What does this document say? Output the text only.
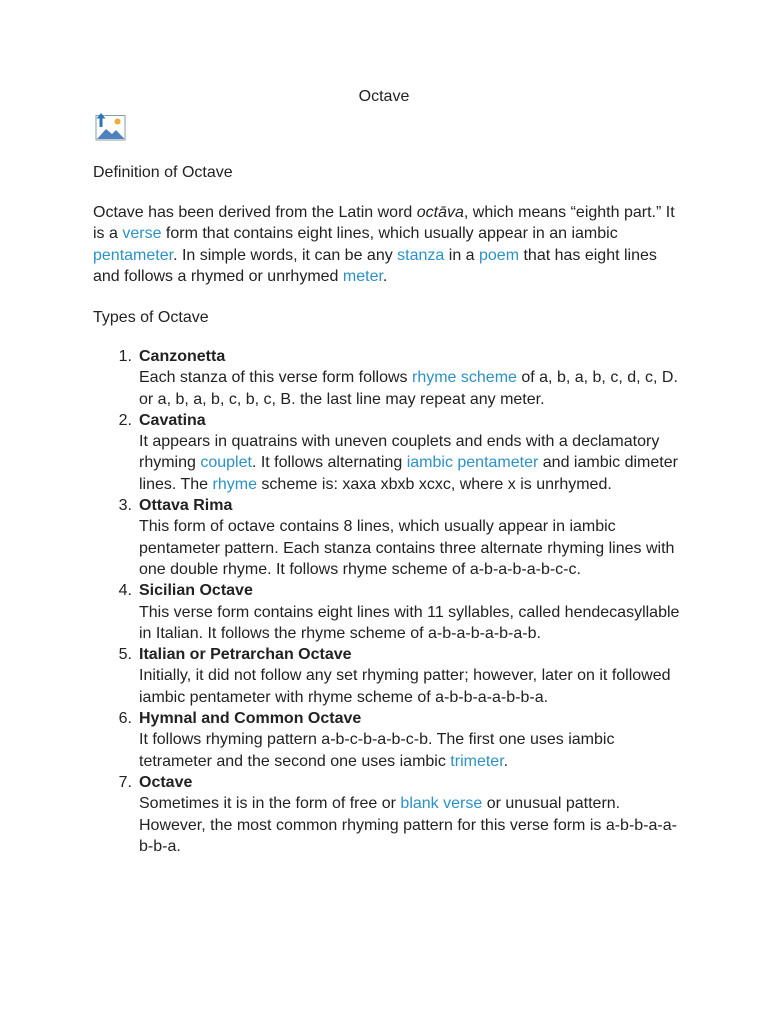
Octave
Definition of Octave
Octave has been derived from the Latin word octāva, which means “eighth part.” It is a verse form that contains eight lines, which usually appear in an iambic pentameter. In simple words, it can be any stanza in a poem that has eight lines and follows a rhymed or unrhymed meter.
Types of Octave
1. Canzonetta
Each stanza of this verse form follows rhyme scheme of a, b, a, b, c, d, c, D. or a, b, a, b, c, b, c, B. the last line may repeat any meter.
2. Cavatina
It appears in quatrains with uneven couplets and ends with a declamatory rhyming couplet. It follows alternating iambic pentameter and iambic dimeter lines. The rhyme scheme is: xaxa xbxb xcxc, where x is unrhymed.
3. Ottava Rima
This form of octave contains 8 lines, which usually appear in iambic pentameter pattern. Each stanza contains three alternate rhyming lines with one double rhyme. It follows rhyme scheme of a-b-a-b-a-b-c-c.
4. Sicilian Octave
This verse form contains eight lines with 11 syllables, called hendecasyllable in Italian. It follows the rhyme scheme of a-b-a-b-a-b-a-b.
5. Italian or Petrarchan Octave
Initially, it did not follow any set rhyming patter; however, later on it followed iambic pentameter with rhyme scheme of a-b-b-a-a-b-b-a.
6. Hymnal and Common Octave
It follows rhyming pattern a-b-c-b-a-b-c-b. The first one uses iambic tetrameter and the second one uses iambic trimeter.
7. Octave
Sometimes it is in the form of free or blank verse or unusual pattern. However, the most common rhyming pattern for this verse form is a-b-b-a-a-b-b-a.
